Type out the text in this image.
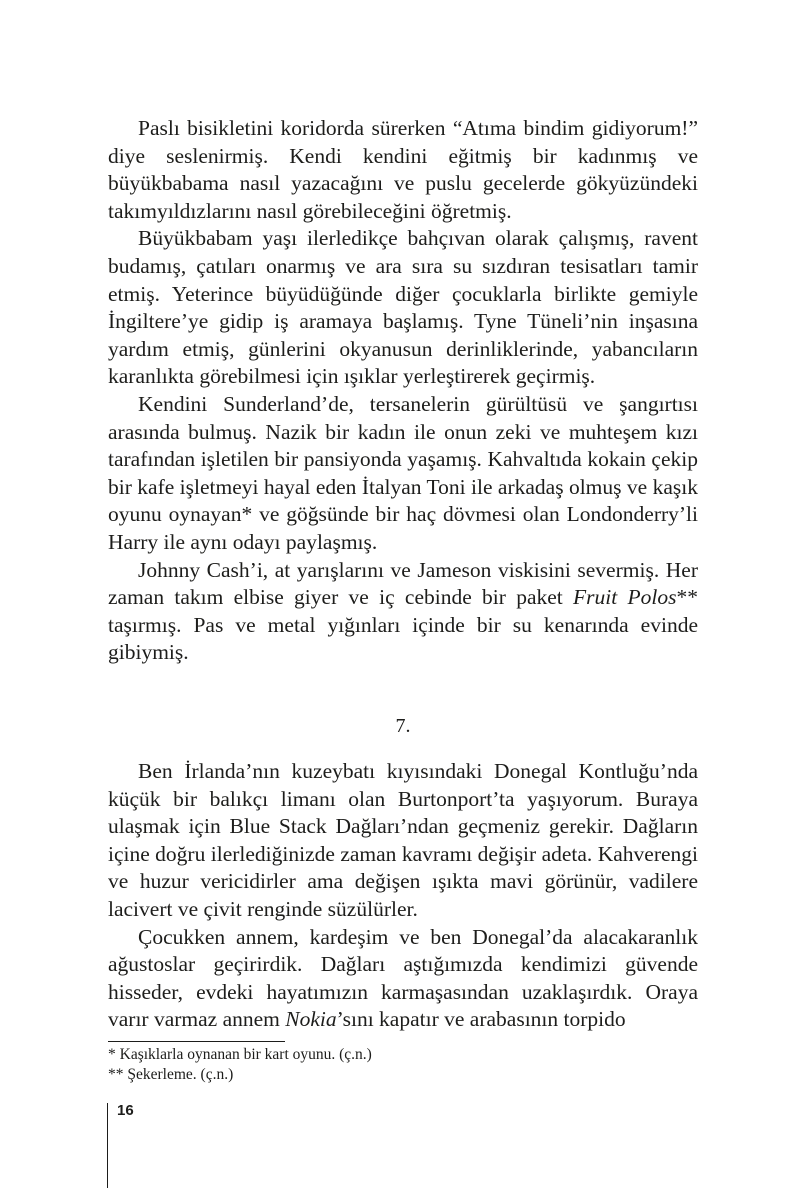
Paslı bisikletini koridorda sürerken “Atıma bindim gidiyorum!” diye seslenirmiş. Kendi kendini eğitmiş bir kadınmış ve büyükbabama nasıl yazacağını ve puslu gecelerde gökyüzündeki takımyıldızlarını nasıl görebileceğini öğretmiş.

Büyükbabam yaşı ilerledikçe bahçıvan olarak çalışmış, ravent budamış, çatıları onarmış ve ara sıra su sızdıran tesisatları tamir etmiş. Yeterince büyüdüğünde diğer çocuklarla birlikte gemiyle İngiltere’ye gidip iş aramaya başlamış. Tyne Tüneli’nin inşasına yardım etmiş, günlerini okyanusun derinliklerinde, yabancıların karanlıkta görebilmesi için ışıklar yerleştirerek geçirmiş.

Kendini Sunderland’de, tersanelerin gürültüsü ve şangırtısı arasında bulmuş. Nazik bir kadın ile onun zeki ve muhteşem kızı tarafından işletilen bir pansiyonda yaşamış. Kahvaltıda kokain çekip bir kafe işletmeyi hayal eden İtalyan Toni ile arkadaş olmuş ve kaşık oyunu oynayan* ve göğsünde bir haç dövmesi olan Londonderry’li Harry ile aynı odayı paylaşmış.

Johnny Cash’i, at yarışlarını ve Jameson viskisini severmiş. Her zaman takım elbise giyer ve iç cebinde bir paket Fruit Polos** taşırmış. Pas ve metal yığınları içinde bir su kenarında evinde gibiymiş.

7.

Ben İrlanda’nın kuzeybatı kıyısındaki Donegal Kontluğu’nda küçük bir balıkçı limanı olan Burtonport’ta yaşıyorum. Buraya ulaşmak için Blue Stack Dağları’ndan geçmeniz gerekir. Dağların içine doğru ilerlediğinizde zaman kavramı değişir adeta. Kahverengi ve huzur vericidirler ama değişen ışıkta mavi görünür, vadilere lacivert ve çivit renginde süzülürler.

Çocukken annem, kardeşim ve ben Donegal’da alacakaranlık ağustoslar geçirirdik. Dağları aştığımızda kendimizi güvende hisseder, evdeki hayatımızın karmaşasından uzaklaşırdık. Oraya varır varmaz annem Nokia’sını kapatır ve arabasının torpido

* Kaşıklarla oynanan bir kart oyunu. (ç.n.)

** Şekerleme. (ç.n.)

16
